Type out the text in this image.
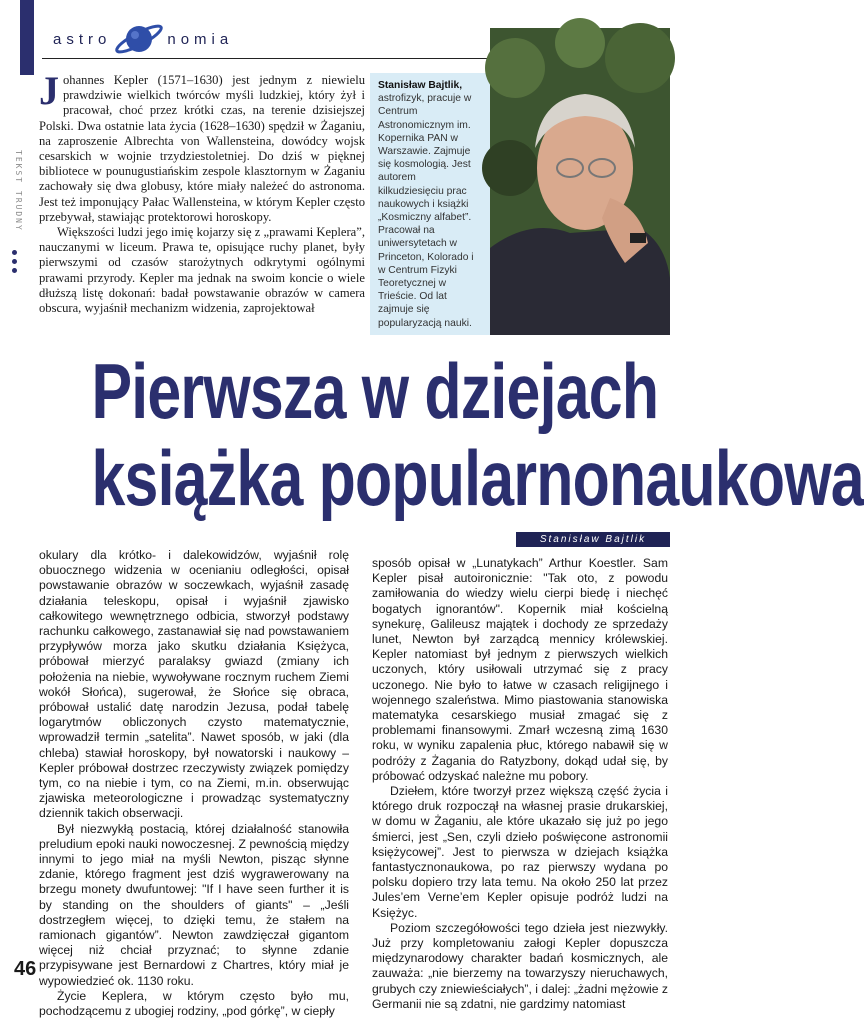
astro	nomia
TEKST TRUDNY

Johannes Kepler (1571–1630) jest jednym z niewielu prawdziwie wielkich twórców myśli ludzkiej, który żył i pracował, choć przez krótki czas, na terenie dzisiejszej Polski. Dwa ostatnie lata życia (1628–1630) spędził w Żaganiu, na zaproszenie Albrechta von Wallensteina, dowódcy wojsk cesarskich w wojnie trzydziestoletniej. Do dziś w pięknej bibliotece w pounugustiańskim zespole klasztornym w Żaganiu zachowały się dwa globusy, które miały należeć do astronoma. Jest też imponujący Pałac Wallensteina, w którym Kepler często przebywał, stawiając protektorowi horoskopy.

Większości ludzi jego imię kojarzy się z „prawami Keplera”, nauczanymi w liceum. Prawa te, opisujące ruchy planet, były pierwszymi od czasów starożytnych odkrytymi ogólnymi prawami przyrody. Kepler ma jednak na swoim koncie o wiele dłuższą listę dokonań: badał powstawanie obrazów w camera obscura, wyjaśnił mechanizm widzenia, zaprojektował

Stanisław Bajtlik, astrofizyk, pracuje w Centrum Astronomicznym im. Kopernika PAN w Warszawie. Zajmuje się kosmologią. Jest autorem kilkudziesięciu prac naukowych i książki „Kosmiczny alfabet”. Pracował na uniwersytetach w Princeton, Kolorado i w Centrum Fizyki Teoretycznej w Trieście. Od lat zajmuje się popularyzacją nauki.
Pierwsza w dziejach
książka popularnonaukowa
Stanisław Bajtlik

okulary dla krótko- i dalekowidzów, wyjaśnił rolę obuocznego widzenia w ocenianiu odległości, opisał powstawanie obrazów w soczewkach, wyjaśnił zasadę działania teleskopu, opisał i wyjaśnił zjawisko całkowitego wewnętrznego odbicia, stworzył podstawy rachunku całkowego, zastanawiał się nad powstawaniem przypływów morza jako skutku działania Księżyca, próbował mierzyć paralaksy gwiazd (zmiany ich położenia na niebie, wywoływane rocznym ruchem Ziemi wokół Słońca), sugerował, że Słońce się obraca, próbował ustalić datę narodzin Jezusa, podał tabelę logarytmów obliczonych czysto matematycznie, wprowadził termin „satelita”. Nawet sposób, w jaki (dla chleba) stawiał horoskopy, był nowatorski i naukowy – Kepler próbował dostrzec rzeczywisty związek pomiędzy tym, co na niebie i tym, co na Ziemi, m.in. obserwując zjawiska meteorologiczne i prowadząc systematyczny dziennik takich obserwacji.

Był niezwykłą postacią, której działalność stanowiła preludium epoki nauki nowoczesnej. Z pewnością między innymi to jego miał na myśli Newton, pisząc słynne zdanie, którego fragment jest dziś wygrawerowany na brzegu monety dwufuntowej: "If I have seen further it is by standing on the shoulders of giants" – „Jeśli dostrzegłem więcej, to dzięki temu, że stałem na ramionach gigantów”. Newton zawdzięczał gigantom więcej niż chciał przyznać; to słynne zdanie przypisywane jest Bernardowi z Chartres, który miał je wypowiedzieć ok. 1130 roku.

Życie Keplera, w którym często było mu, pochodzącemu z ubogiej rodziny, „pod górkę”, w ciepły

sposób opisał w „Lunatykach” Arthur Koestler. Sam Kepler pisał autoironicznie: "Tak oto, z powodu zamiłowania do wiedzy wielu cierpi biedę i niechęć bogatych ignorantów". Kopernik miał kościelną synekurę, Galileusz majątek i dochody ze sprzedaży lunet, Newton był zarządcą mennicy królewskiej. Kepler natomiast był jednym z pierwszych wielkich uczonych, który usiłowali utrzymać się z pracy uczonego. Nie było to łatwe w czasach religijnego i wojennego szaleństwa. Mimo piastowania stanowiska matematyka cesarskiego musiał zmagać się z problemami finansowymi. Zmarł wczesną zimą 1630 roku, w wyniku zapalenia płuc, którego nabawił się w podróży z Żagania do Ratyzbony, dokąd udał się, by próbować odzyskać należne mu pobory.

Dziełem, które tworzył przez większą część życia i którego druk rozpoczął na własnej prasie drukarskiej, w domu w Żaganiu, ale które ukazało się już po jego śmierci, jest „Sen, czyli dzieło poświęcone astronomii księżycowej”. Jest to pierwsza w dziejach książka fantastycznonaukowa, po raz pierwszy wydana po polsku dopiero trzy lata temu. Na około 250 lat przez Jules’em Verne’em Kepler opisuje podróż ludzi na Księżyc.

Poziom szczegółowości tego dzieła jest niezwykły. Już przy kompletowaniu załogi Kepler dopuszcza międzynarodowy charakter badań kosmicznych, ale zauważa: „nie bierzemy na towarzyszy nieruchawych, grubych czy zniewieściałych”, i dalej: „żadni mężowie z Germanii nie są zdatni, nie gardzimy natomiast

46
